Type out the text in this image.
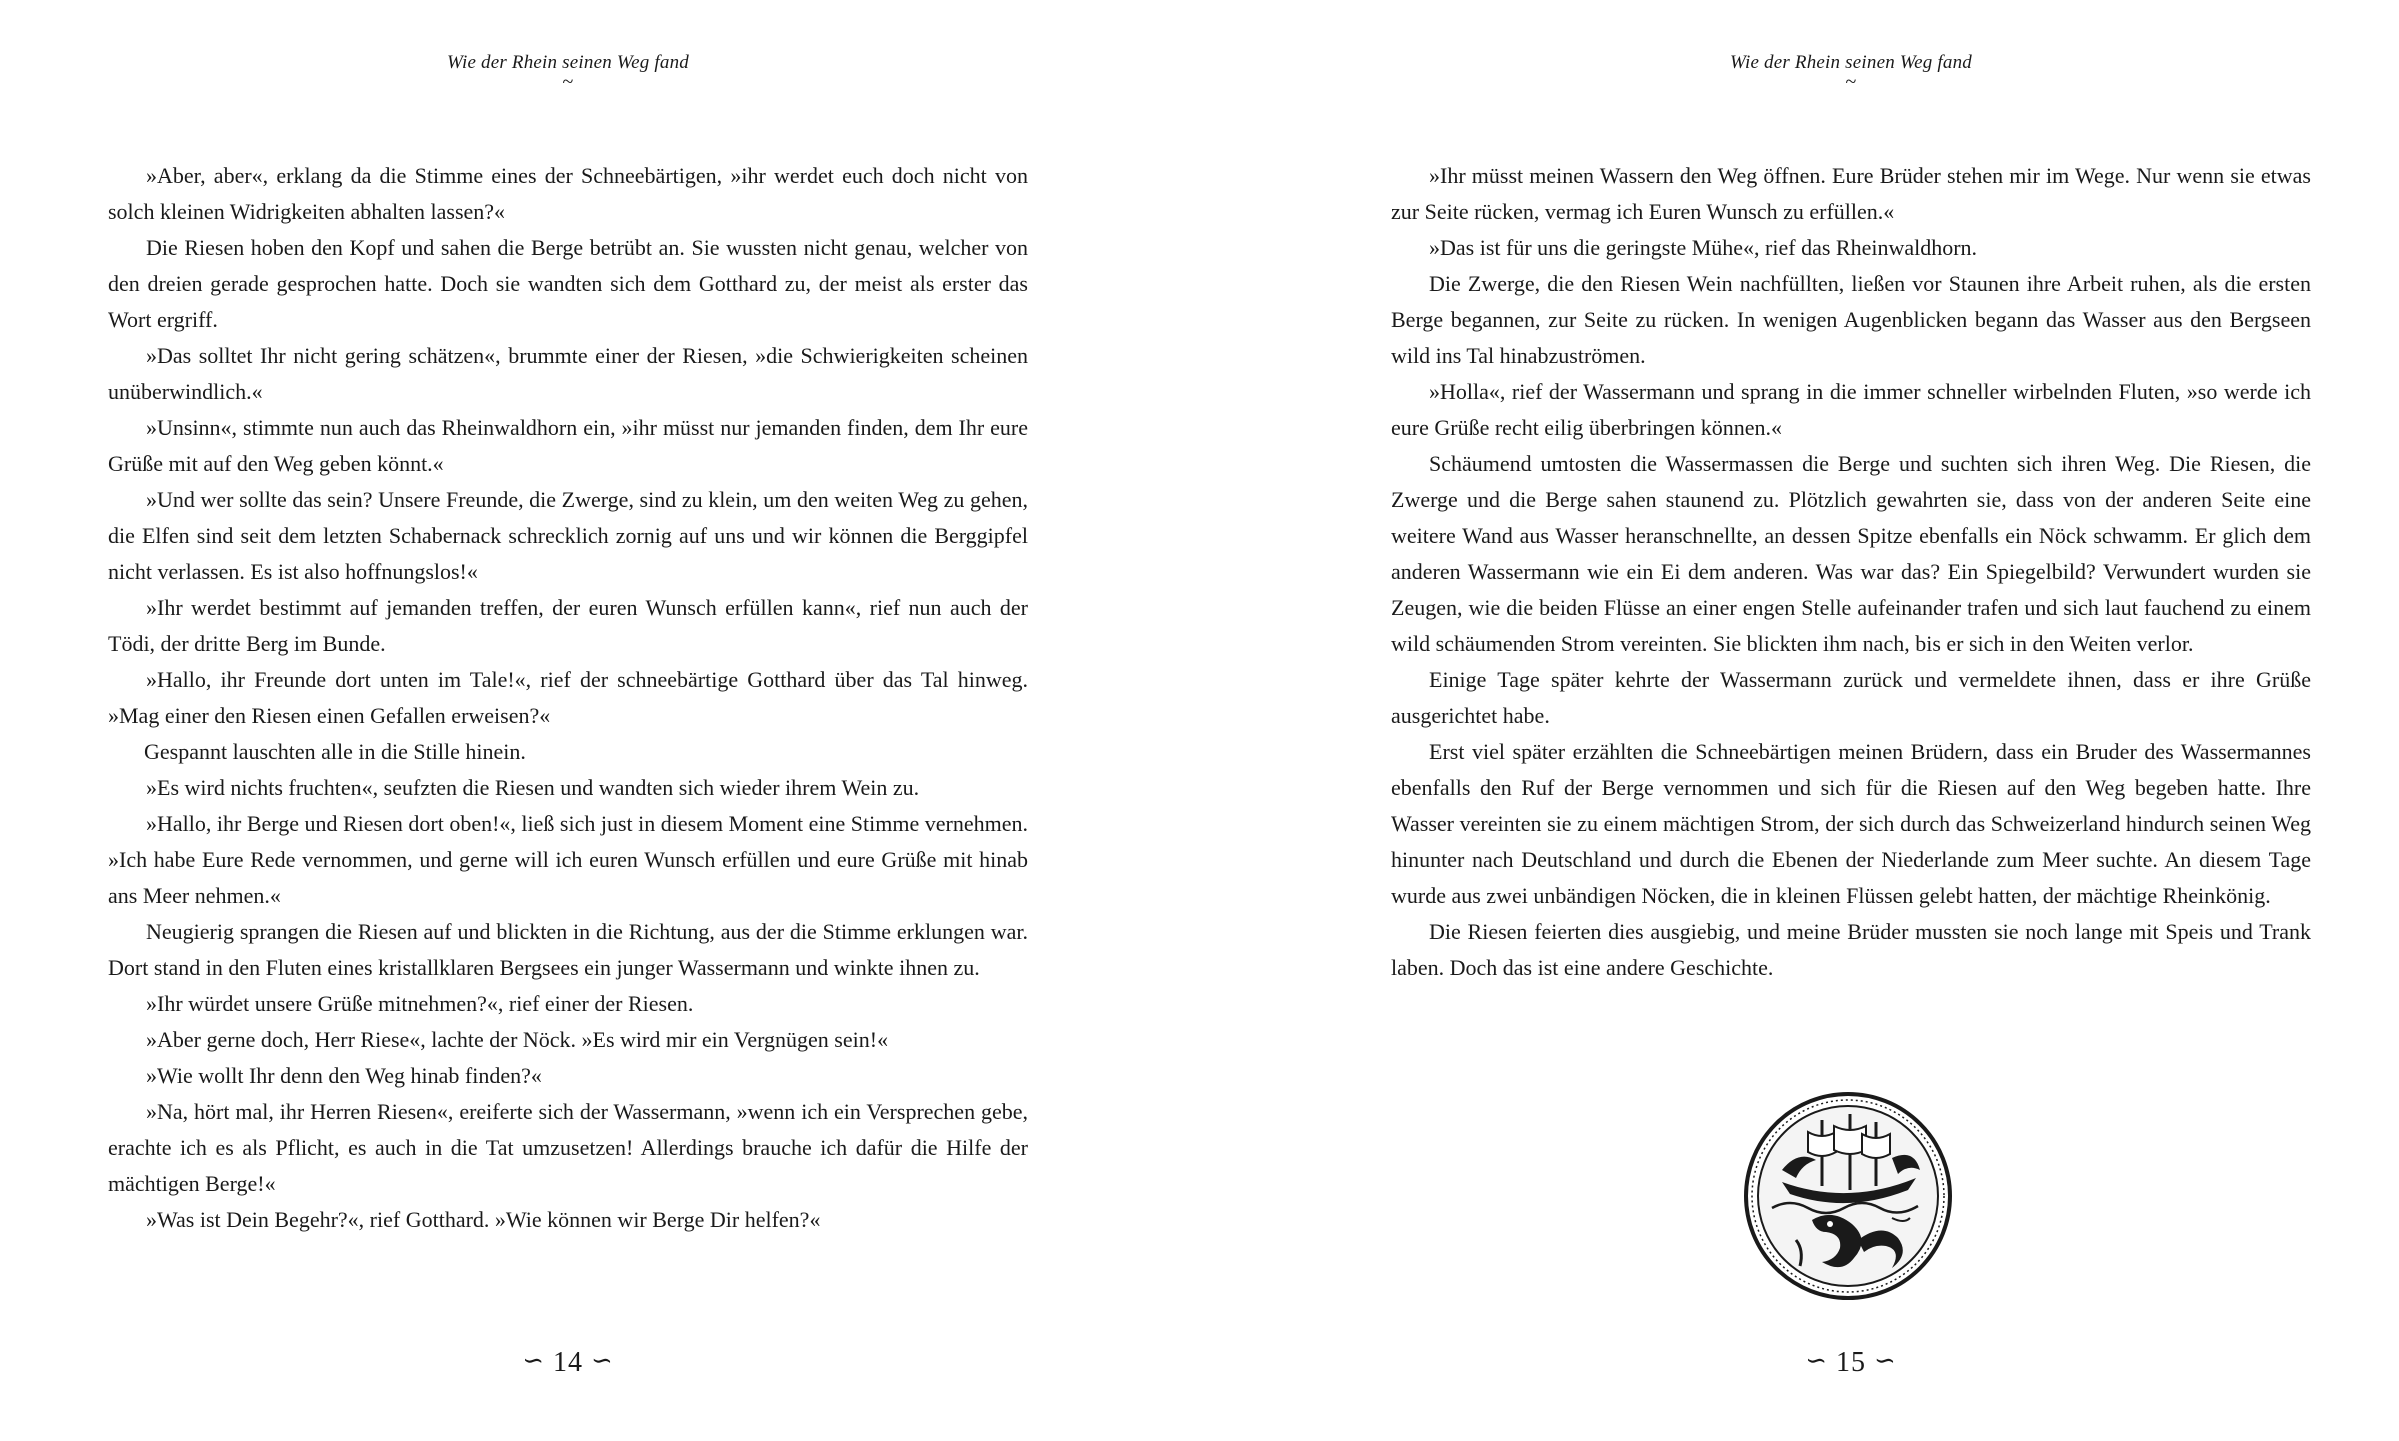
Wie der Rhein seinen Weg fand
~

»Aber, aber«, erklang da die Stimme eines der Schneebärtigen, »ihr werdet euch doch nicht von solch kleinen Widrigkeiten abhalten lassen?«

Die Riesen hoben den Kopf und sahen die Berge betrübt an. Sie wussten nicht genau, welcher von den dreien gerade gesprochen hatte. Doch sie wandten sich dem Gotthard zu, der meist als erster das Wort ergriff.

»Das solltet Ihr nicht gering schätzen«, brummte einer der Riesen, »die Schwierigkeiten scheinen unüberwindlich.«

»Unsinn«, stimmte nun auch das Rheinwaldhorn ein, »ihr müsst nur jemanden finden, dem Ihr eure Grüße mit auf den Weg geben könnt.«

»Und wer sollte das sein? Unsere Freunde, die Zwerge, sind zu klein, um den weiten Weg zu gehen, die Elfen sind seit dem letzten Schabernack schrecklich zornig auf uns und wir können die Berggipfel nicht verlassen. Es ist also hoffnungslos!«

»Ihr werdet bestimmt auf jemanden treffen, der euren Wunsch erfüllen kann«, rief nun auch der Tödi, der dritte Berg im Bunde.

»Hallo, ihr Freunde dort unten im Tale!«, rief der schneebärtige Gotthard über das Tal hinweg. »Mag einer den Riesen einen Gefallen erweisen?«

Gespannt lauschten alle in die Stille hinein.

»Es wird nichts fruchten«, seufzten die Riesen und wandten sich wieder ihrem Wein zu.

»Hallo, ihr Berge und Riesen dort oben!«, ließ sich just in diesem Moment eine Stimme vernehmen. »Ich habe Eure Rede vernommen, und gerne will ich euren Wunsch erfüllen und eure Grüße mit hinab ans Meer nehmen.«

Neugierig sprangen die Riesen auf und blickten in die Richtung, aus der die Stimme erklungen war. Dort stand in den Fluten eines kristallklaren Bergsees ein junger Wassermann und winkte ihnen zu.

»Ihr würdet unsere Grüße mitnehmen?«, rief einer der Riesen.

»Aber gerne doch, Herr Riese«, lachte der Nöck. »Es wird mir ein Vergnügen sein!«

»Wie wollt Ihr denn den Weg hinab finden?«

»Na, hört mal, ihr Herren Riesen«, ereiferte sich der Wassermann, »wenn ich ein Versprechen gebe, erachte ich es als Pflicht, es auch in die Tat umzusetzen! Allerdings brauche ich dafür die Hilfe der mächtigen Berge!«

»Was ist Dein Begehr?«, rief Gotthard. »Wie können wir Berge Dir helfen?«

∽ 14 ∽
Wie der Rhein seinen Weg fand
~

»Ihr müsst meinen Wassern den Weg öffnen. Eure Brüder stehen mir im Wege. Nur wenn sie etwas zur Seite rücken, vermag ich Euren Wunsch zu erfüllen.«

»Das ist für uns die geringste Mühe«, rief das Rheinwaldhorn.

Die Zwerge, die den Riesen Wein nachfüllten, ließen vor Staunen ihre Arbeit ruhen, als die ersten Berge begannen, zur Seite zu rücken. In wenigen Augenblicken begann das Wasser aus den Bergseen wild ins Tal hinabzuströmen.

»Holla«, rief der Wassermann und sprang in die immer schneller wirbelnden Fluten, »so werde ich eure Grüße recht eilig überbringen können.«

Schäumend umtosten die Wassermassen die Berge und suchten sich ihren Weg. Die Riesen, die Zwerge und die Berge sahen staunend zu. Plötzlich gewahrten sie, dass von der anderen Seite eine weitere Wand aus Wasser heranschnellte, an dessen Spitze ebenfalls ein Nöck schwamm. Er glich dem anderen Wassermann wie ein Ei dem anderen. Was war das? Ein Spiegelbild? Verwundert wurden sie Zeugen, wie die beiden Flüsse an einer engen Stelle aufeinander trafen und sich laut fauchend zu einem wild schäumenden Strom vereinten. Sie blickten ihm nach, bis er sich in den Weiten verlor.

Einige Tage später kehrte der Wassermann zurück und vermeldete ihnen, dass er ihre Grüße ausgerichtet habe.

Erst viel später erzählten die Schneebärtigen meinen Brüdern, dass ein Bruder des Wassermannes ebenfalls den Ruf der Berge vernommen und sich für die Riesen auf den Weg begeben hatte. Ihre Wasser vereinten sie zu einem mächtigen Strom, der sich durch das Schweizerland hindurch seinen Weg hinunter nach Deutschland und durch die Ebenen der Niederlande zum Meer suchte. An diesem Tage wurde aus zwei unbändigen Nöcken, die in kleinen Flüssen gelebt hatten, der mächtige Rheinkönig.

Die Riesen feierten dies ausgiebig, und meine Brüder mussten sie noch lange mit Speis und Trank laben. Doch das ist eine andere Geschichte.

∽ 15 ∽
